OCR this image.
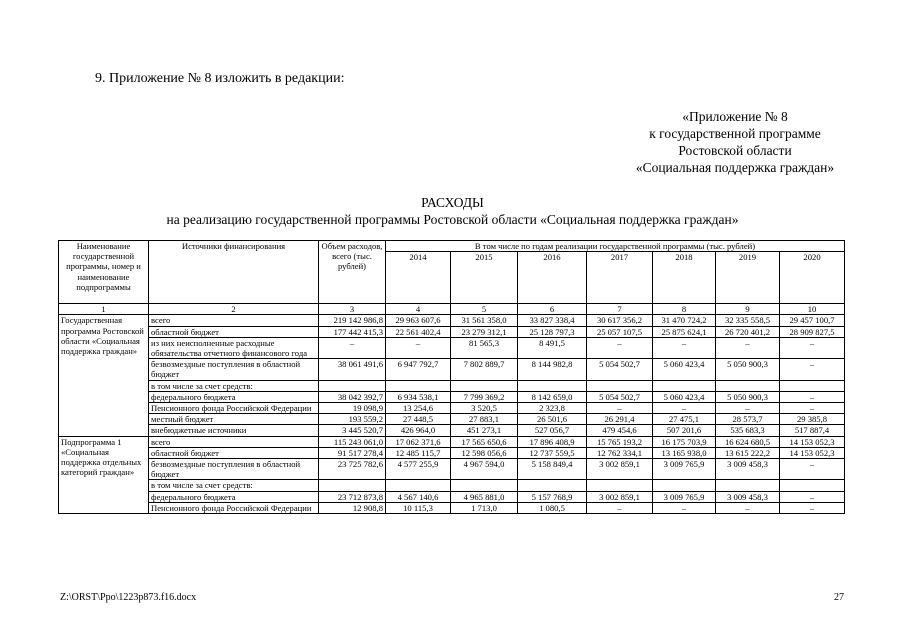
9. Приложение № 8 изложить в редакции:
«Приложение № 8
к государственной программе
Ростовской области
«Социальная поддержка граждан»
РАСХОДЫ
на реализацию государственной программы Ростовской области «Социальная поддержка граждан»
Наименование государственной программы, номер и наименование подпрограммы	Источники финансирования	Объем расходов, всего (тыс. рублей)	В том числе по годам реализации государственной программы (тыс. рублей)						
			2014	2015	2016	2017	2018	2019	2020
1	2	3	4	5	6	7	8	9	10
Государственная программа Ростовской области «Социальная поддержка граждан»	всего	219 142 986,8	29 963 607,6	31 561 358,0	33 827 338,4	30 617 356,2	31 470 724,2	32 335 558,5	29 457 100,7
	областной бюджет	177 442 415,3	22 561 402,4	23 279 312,1	25 128 797,3	25 057 107,5	25 875 624,1	26 720 401,2	28 909 827,5
	из них неисполненные расходные обязательства отчетного финансового года	–	–	81 565,3	8 491,5	–	–	–	–
	безвозмездные поступления в областной бюджет	38 061 491,6	6 947 792,7	7 802 889,7	8 144 982,8	5 054 502,7	5 060 423,4	5 050 900,3	–
	в том числе за счет средств:								
	федерального бюджета	38 042 392,7	6 934 538,1	7 799 369,2	8 142 659,0	5 054 502,7	5 060 423,4	5 050 900,3	–
	Пенсионного фонда Российской Федерации	19 098,9	13 254,6	3 520,5	2 323,8	–	–	–	–
	местный бюджет	193 559,2	27 448,5	27 883,1	26 501,6	26 291,4	27 475,1	28 573,7	29 385,8
	внебюджетные источники	3 445 520,7	426 964,0	451 273,1	527 056,7	479 454,6	507 201,6	535 683,3	517 887,4
Подпрограмма 1 «Социальная поддержка отдельных категорий граждан»	всего	115 243 061,0	17 062 371,6	17 565 650,6	17 896 408,9	15 765 193,2	16 175 703,9	16 624 680,5	14 153 052,3
	областной бюджет	91 517 278,4	12 485 115,7	12 598 056,6	12 737 559,5	12 762 334,1	13 165 938,0	13 615 222,2	14 153 052,3
	безвозмездные поступления в областной бюджет	23 725 782,6	4 577 255,9	4 967 594,0	5 158 849,4	3 002 859,1	3 009 765,9	3 009 458,3	–
	в том числе за счет средств:								
	федерального бюджета	23 712 873,8	4 567 140,6	4 965 881,0	5 157 768,9	3 002 859,1	3 009 765,9	3 009 458,3	–
	Пенсионного фонда Российской Федерации	12 908,8	10 115,3	1 713,0	1 080,5	–	–	–	–
Z:\ORST\Ppo\1223p873.f16.docx	27
